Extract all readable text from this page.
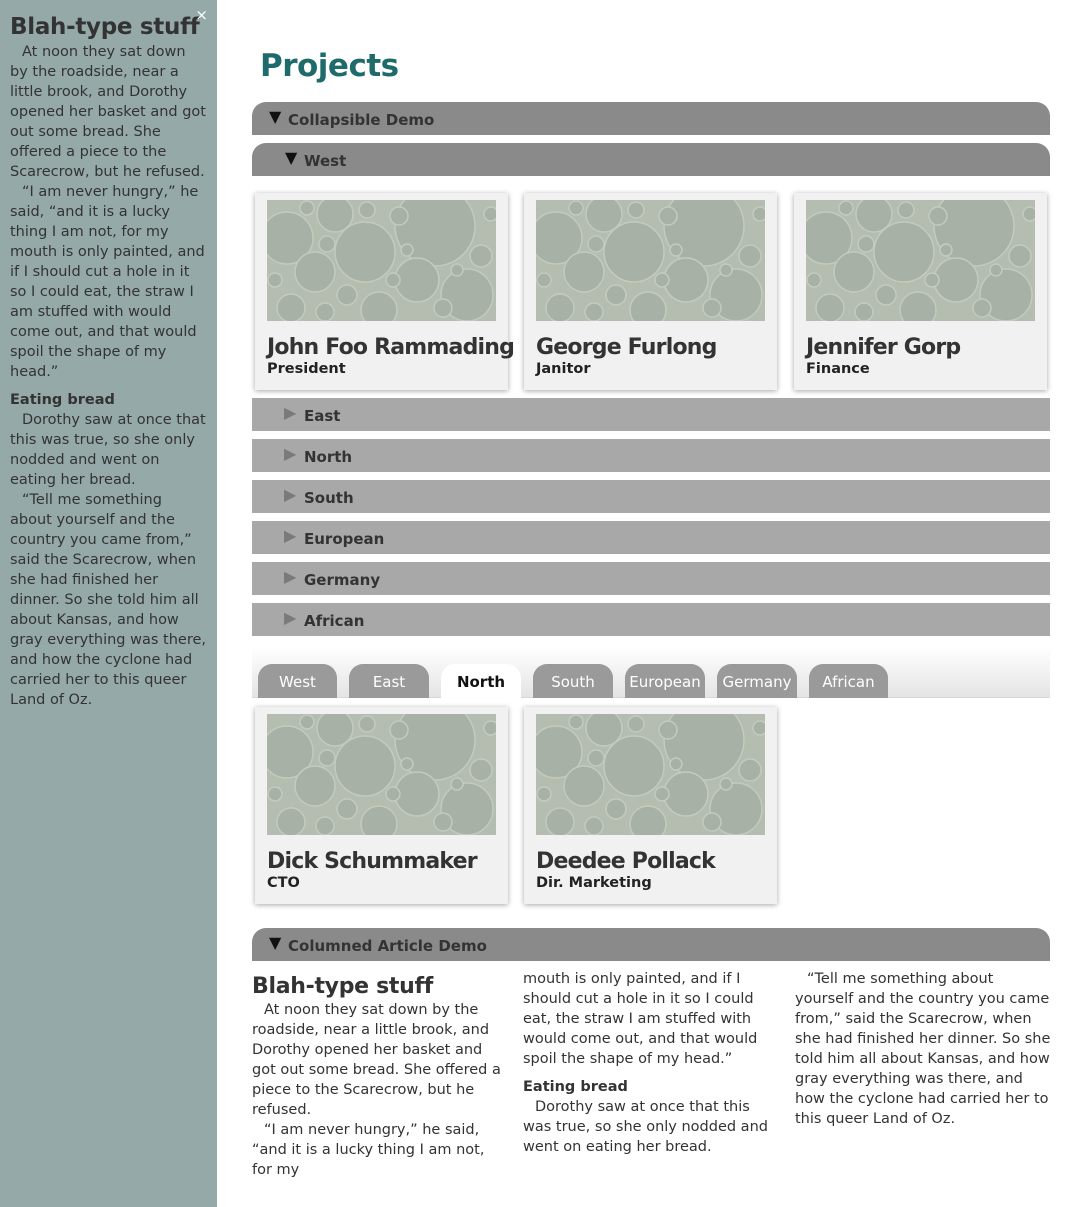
×
Blah-type stuff

At noon they sat down by the roadside, near a little brook, and Dorothy opened her basket and got out some bread. She offered a piece to the Scarecrow, but he refused.

“I am never hungry,” he said, “and it is a lucky thing I am not, for my mouth is only painted, and if I should cut a hole in it so I could eat, the straw I am stuffed with would come out, and that would spoil the shape of my head.”

Eating bread

Dorothy saw at once that this was true, so she only nodded and went on eating her bread.

“Tell me something about yourself and the country you came from,” said the Scarecrow, when she had finished her dinner. So she told him all about Kansas, and how gray everything was there, and how the cyclone had carried her to this queer Land of Oz.

Projects
▼ Collapsible Demo
▼ West
John Foo Rammading
President
George Furlong
Janitor
Jennifer Gorp
Finance
▶ East
▶ North
▶ South
▶ European
▶ Germany
▶ African
West	East	North	South	European	Germany	African
Dick Schummaker
CTO
Deedee Pollack
Dir. Marketing
▼ Columned Article Demo
Blah-type stuff

At noon they sat down by the roadside, near a little brook, and Dorothy opened her basket and got out some bread. She offered a piece to the Scarecrow, but he refused.

“I am never hungry,” he said, “and it is a lucky thing I am not, for my

mouth is only painted, and if I should cut a hole in it so I could eat, the straw I am stuffed with would come out, and that would spoil the shape of my head.”

Eating bread

Dorothy saw at once that this was true, so she only nodded and went on eating her bread.

“Tell me something about yourself and the country you came from,” said the Scarecrow, when she had finished her dinner. So she told him all about Kansas, and how gray everything was there, and how the cyclone had carried her to this queer Land of Oz.
